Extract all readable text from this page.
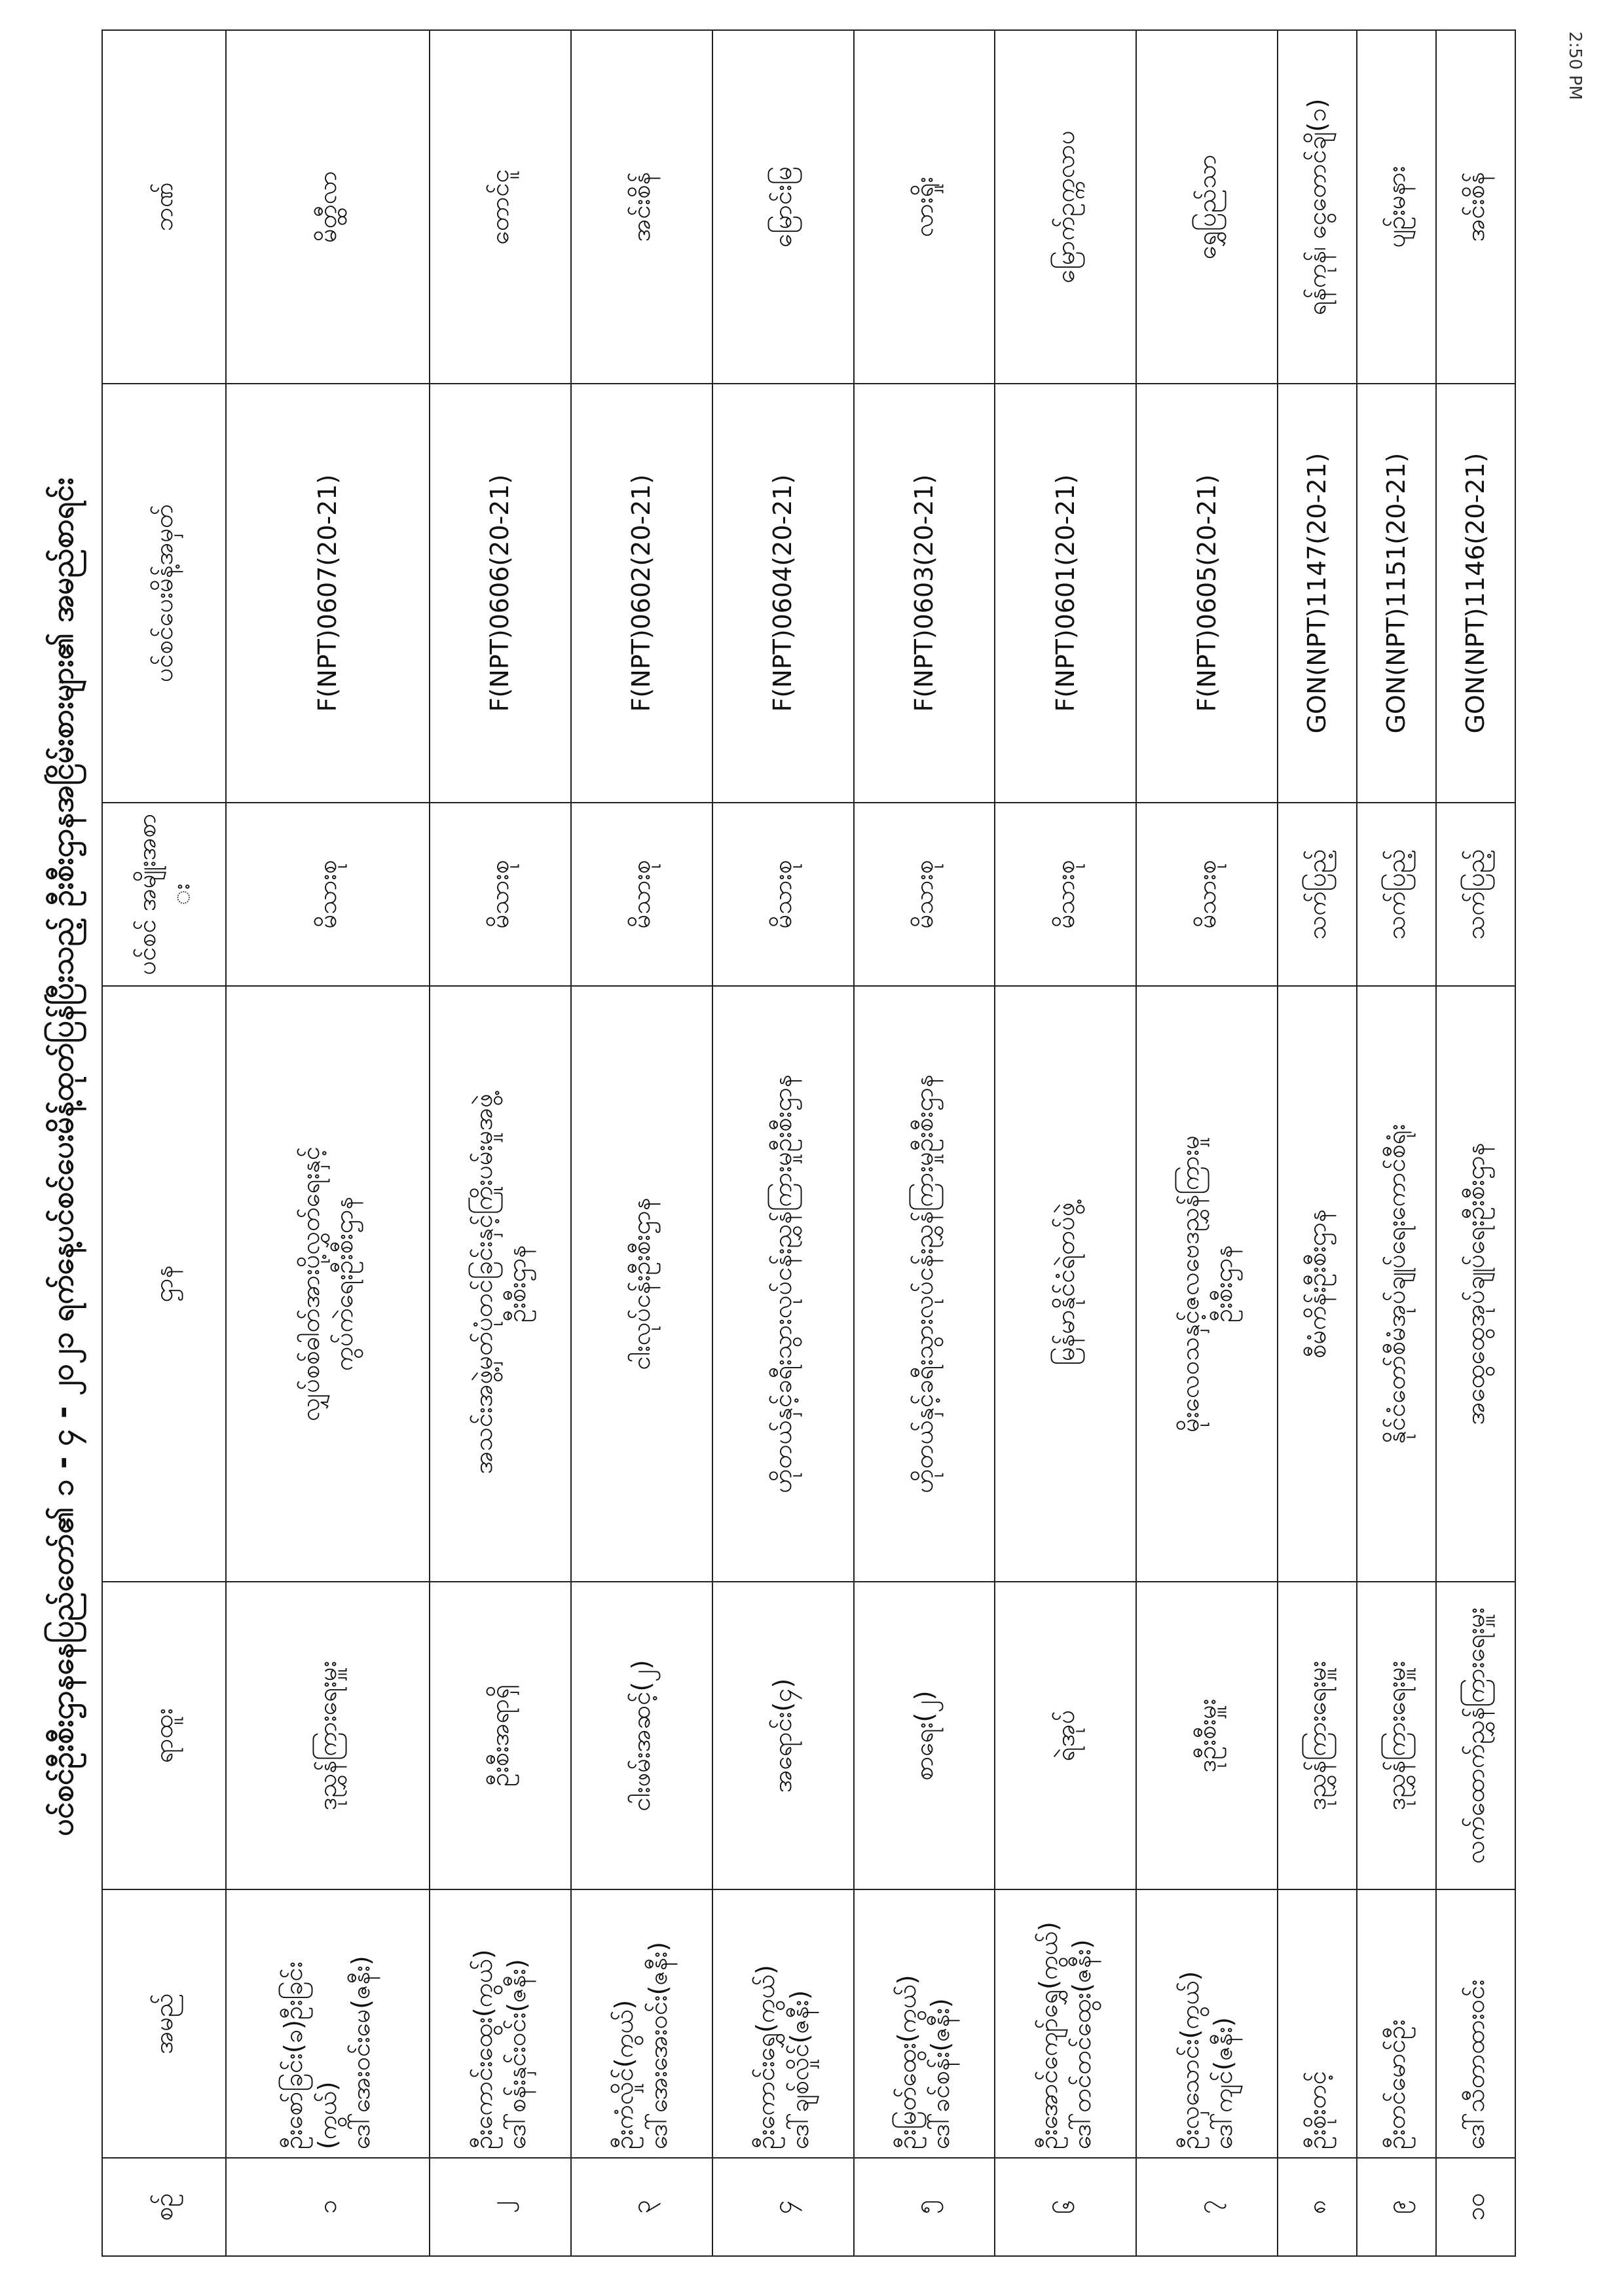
2:50 PM
ပင်စင်ဦးစီးဌာနနေပြည်တော်၏ ၁ - ၄ - ၂၀၂၁ ရက်နေ့ပင်စင်ပေးမိန့်ထုတ်ပြန်ပြီးသည့် ဦးစီးဌာနအငြိမ်းစားများ၏ အမည်စာရင်း
စဉ်	အမည်	ရာထူး	ဌာန	ပင်စင် အမျိုးအစား	ပင်စင်ပေးမိန့်အမှတ်	ဘဏ်
၁	ဦးစော်ခြင်း(ခ)ဦးခြင်း (ကွယ်) ဒေါ်အေးဝင်းမေ(ဇနီး)	ဒုညွှန်ကြားရေးမှူး	လျှပ်စစ်ဓါတ်အားပို့လွှတ်ရေးနှင့် ကွပ်ကဲရေးဦးစီးဌာန	မိသားစု	F(NPT)0607(20-21)	မိတ္ထီလာ
၂	ဦးကောင်းထွေး(ကွယ်) ဒေါ်စန်းနှင်းဝင်း(ဇနီး)	ဦးစီးအရာရှိ	အသင်းအဖွဲ့မှတ်ပုံတင်ခြင်းနှင့်ကြိုးပမ်းမှုအဖွဲ့ ဦးစီးဌာန	မိသားစု	F(NPT)0606(20-21)	တောင်ငူ
၃	ဦးကံလှိုင်(ကွယ်) ဒေါ်အေးအေးဝင်း(ဇနီး)	ငါးဖမ်းအဆင့်(၂)	ငါးလုပ်ငန်းဦးစီးဌာန	မိသားစု	F(NPT)0602(20-21)	အင်းစိန်
၄	ဦးကောင်းရွှေ(ကွယ်) ဒေါ်ချစ်လှိုင်(ဇနီး)	အရောင်း(၄)	ဟိုတယ်နှင့်ခရီးသွားလုပ်ငန်းညွှန်ကြားမှုဦးစီးဌာန	မိသားစု	F(NPT)0604(20-21)	မြောင်းမြ
၅	ဦးမြတ်ထွေး(ကွယ်) ဒေါ်ခင်စန်း(ဇနီး)	စာရေး(၂)	ဟိုတယ်နှင့်ခရီးသွားလုပ်ငန်းညွှန်ကြားမှုဦးစီးဌာန	မိသားစု	F(NPT)0603(20-21)	လားရှိုး
၆	ဦးအောင်ကျော်ရွှေ(ကွယ်) ဒေါ်တင်တင်ထွေး(ဇနီး)	ရဲအုပ်	မြန်မာနိုင်ငံရဲတပ်ဖွဲ့	မိသားစု	F(NPT)0601(20-21)	မြောက်ဥက္ကလာပ
၇	ဦးလှသောင်း(ကွယ်) ဒေါ်ကျင်(ဇနီး)	ဒုဦးစီးမှူး	မိုးလေဝသနှင့်ဇလဗေဒညွှန်ကြားမှု ဦးစီးဌာန	မိသားစု	F(NPT)0605(20-21)	ရွှေပြည်သာ
၈	ဦးစိုးတင့်	ဒုညွှန်ကြားရေးမှူး	စီမံကိန်းဦးစီးဌာန	သက်ပြည့်	GON(NPT)1147(20-21)	ရန်ကုန်၊ ငွေတောင်ချိ(၁)
၉	ဦးတင်မောင်ဦး	ဒုညွှန်ကြားရေးမှူး	နိုင်ငံတော်စီမံအုပ်ချုပ်ရေးကောင်စီရုံး	သက်ပြည့်	GON(NPT)1151(20-21)	ပျဉ်းမနား
၁၀	ဒေါ်သီတာထားဝင်း	လက်ထောက်ညွှန်ကြားရေးမှူး	အထွေထွေအုပ်ချုပ်ရေးဦးစီးဌာန	သက်ပြည့်	GON(NPT)1146(20-21)	အင်းစိန်
